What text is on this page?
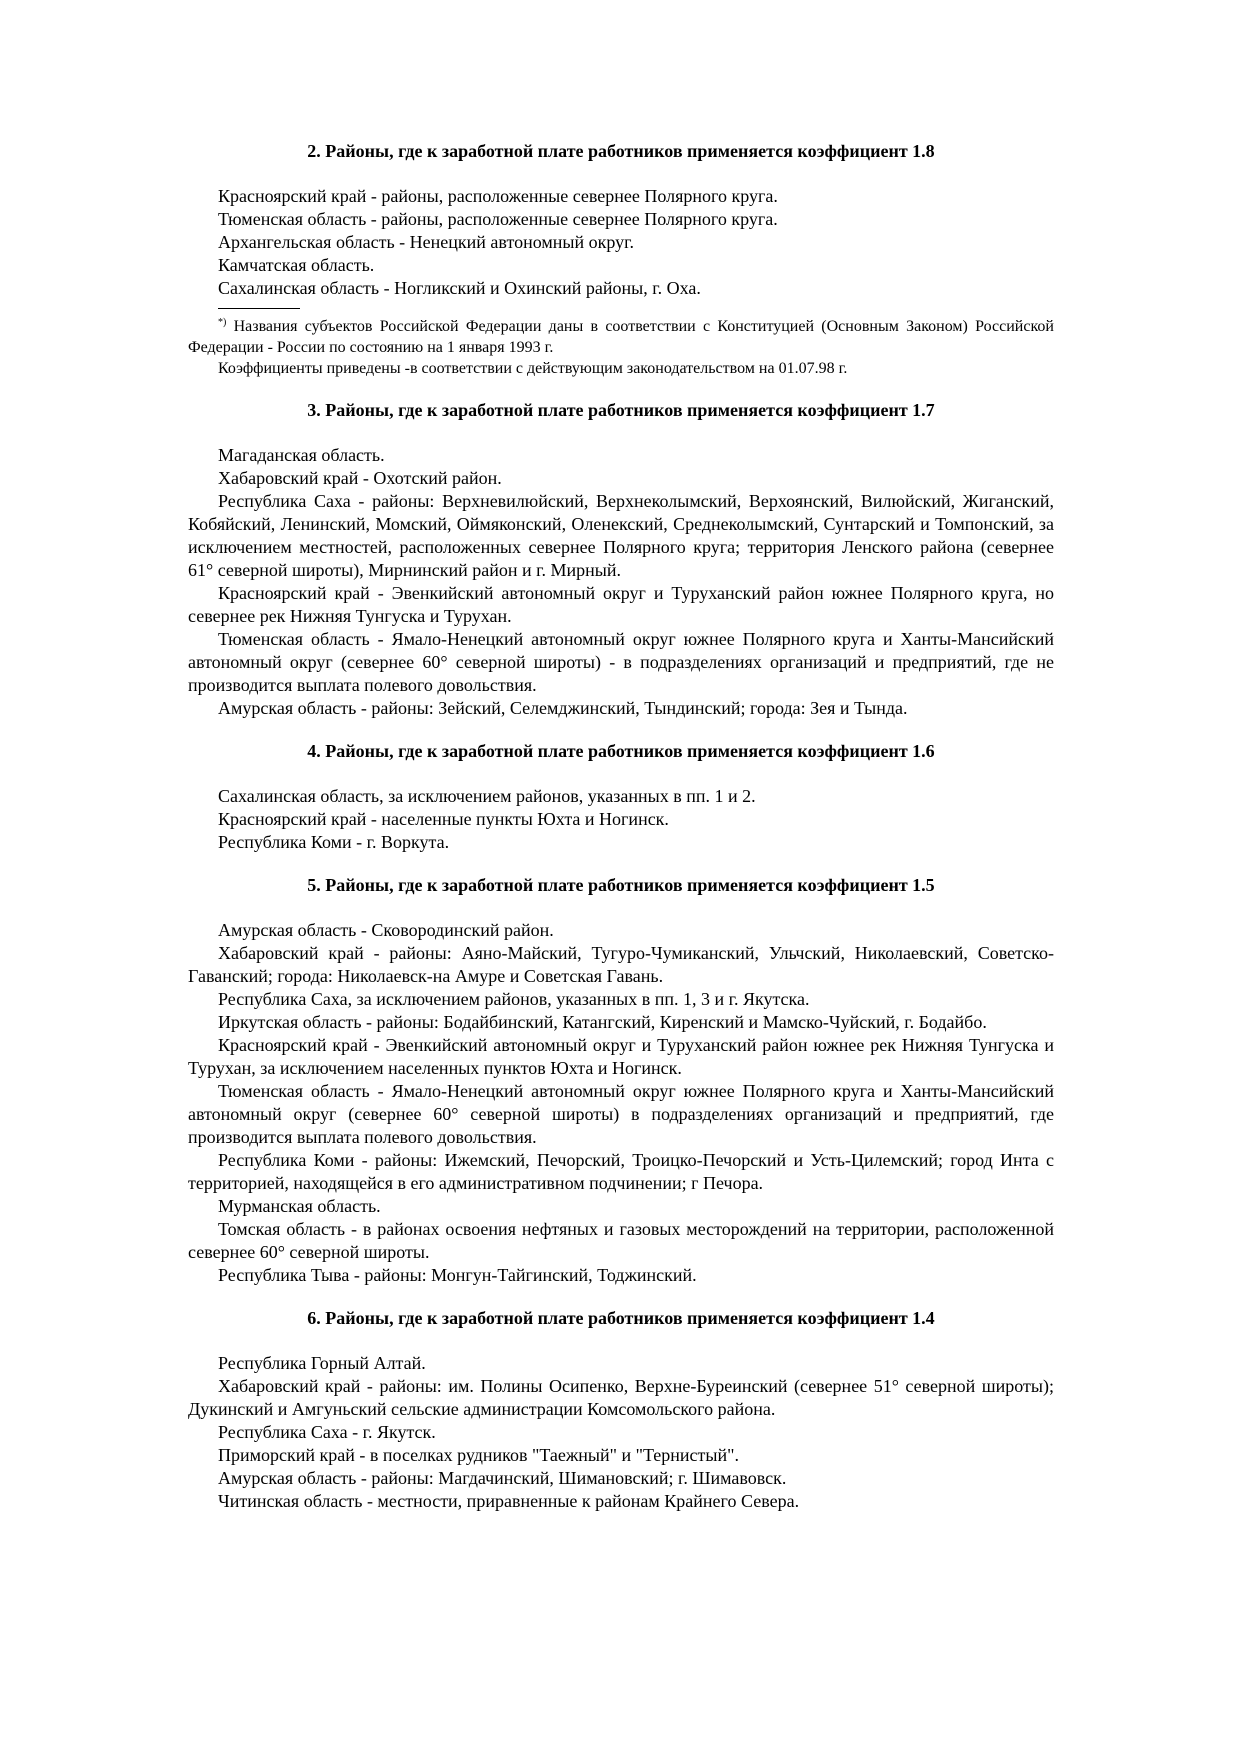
2. Районы, где к заработной плате работников применяется коэффициент 1.8

Красноярский край - районы, расположенные севернее Полярного круга.

Тюменская область - районы, расположенные севернее Полярного круга.

Архангельская область - Ненецкий автономный округ.

Камчатская область.

Сахалинская область - Ногликский и Охинский районы, г. Оха.

*) Названия субъектов Российской Федерации даны в соответствии с Конституцией (Основным Законом) Российской Федерации - России по состоянию на 1 января 1993 г.

Коэффициенты приведены -в соответствии с действующим законодательством на 01.07.98 г.

3. Районы, где к заработной плате работников применяется коэффициент 1.7

Магаданская область.

Хабаровский край - Охотский район.

Республика Саха - районы: Верхневилюйский, Верхнеколымский, Верхоянский, Вилюйский, Жиганский, Кобяйский, Ленинский, Момский, Оймяконский, Оленекский, Среднеколымский, Сунтарский и Томпонский, за исключением местностей, расположенных севернее Полярного круга; территория Ленского района (севернее 61° северной широты), Мирнинский район и г. Мирный.

Красноярский край - Эвенкийский автономный округ и Туруханский район южнее Полярного круга, но севернее рек Нижняя Тунгуска и Турухан.

Тюменская область - Ямало-Ненецкий автономный округ южнее Полярного круга и Ханты-Мансийский автономный округ (севернее 60° северной широты) - в подразделениях организаций и предприятий, где не производится выплата полевого довольствия.

Амурская область - районы: Зейский, Селемджинский, Тындинский; города: Зея и Тында.

4. Районы, где к заработной плате работников применяется коэффициент 1.6

Сахалинская область, за исключением районов, указанных в пп. 1 и 2.

Красноярский край - населенные пункты Юхта и Ногинск.

Республика Коми - г. Воркута.

5. Районы, где к заработной плате работников применяется коэффициент 1.5

Амурская область - Сковородинский район.

Хабаровский край - районы: Аяно-Майский, Тугуро-Чумиканский, Ульчский, Николаевский, Советско-Гаванский; города: Николаевск-на Амуре и Советская Гавань.

Республика Саха, за исключением районов, указанных в пп. 1, 3 и г. Якутска.

Иркутская область - районы: Бодайбинский, Катангский, Киренский и Мамско-Чуйский, г. Бодайбо.

Красноярский край - Эвенкийский автономный округ и Туруханский район южнее рек Нижняя Тунгуска и Турухан, за исключением населенных пунктов Юхта и Ногинск.

Тюменская область - Ямало-Ненецкий автономный округ южнее Полярного круга и Ханты-Мансийский автономный округ (севернее 60° северной широты) в подразделениях организаций и предприятий, где производится выплата полевого довольствия.

Республика Коми - районы: Ижемский, Печорский, Троицко-Печорский и Усть-Цилемский; город Инта с территорией, находящейся в его административном подчинении; г Печора.

Мурманская область.

Томская область - в районах освоения нефтяных и газовых месторождений на территории, расположенной севернее 60° северной широты.

Республика Тыва - районы: Монгун-Тайгинский, Тоджинский.

6. Районы, где к заработной плате работников применяется коэффициент 1.4

Республика Горный Алтай.

Хабаровский край - районы: им. Полины Осипенко, Верхне-Буреинский (севернее 51° северной широты); Дукинский и Амгуньский сельские администрации Комсомольского района.

Республика Саха - г. Якутск.

Приморский край - в поселках рудников "Таежный" и "Тернистый".

Амурская область - районы: Магдачинский, Шимановский; г. Шимавовск.

Читинская область - местности, приравненные к районам Крайнего Севера.
